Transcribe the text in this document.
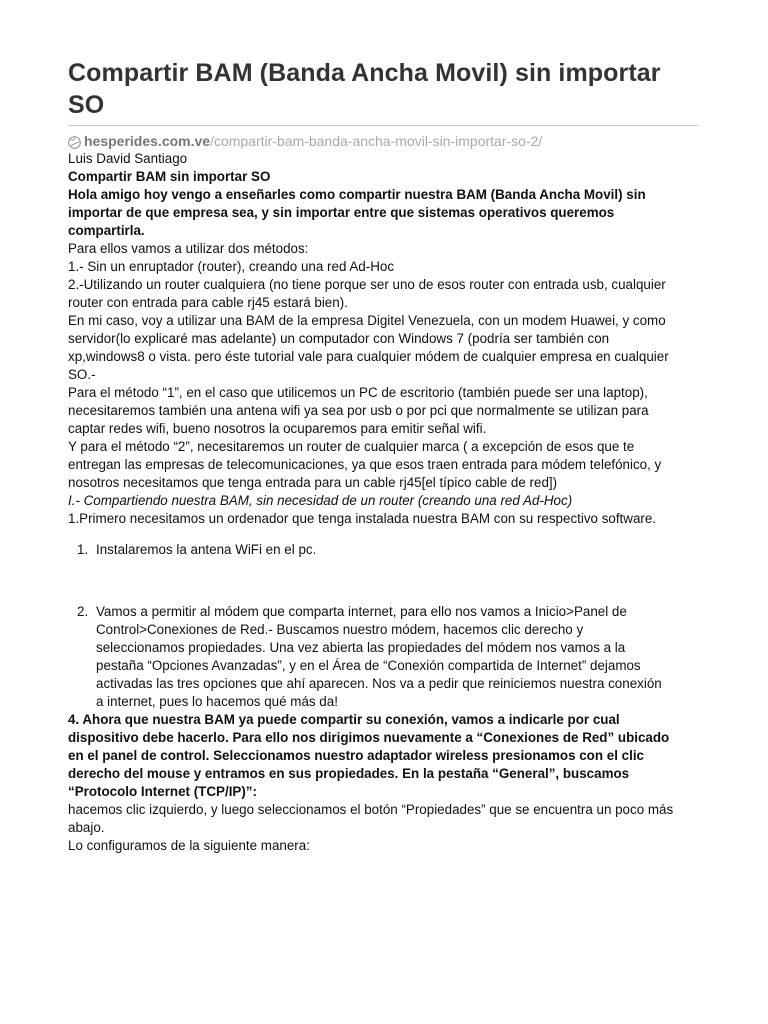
Compartir BAM (Banda Ancha Movil) sin importar SO
hesperides.com.ve /compartir-bam-banda-ancha-movil-sin-importar-so-2/

Luis David Santiago

Compartir BAM sin importar SO

Hola amigo hoy vengo a enseñarles como compartir nuestra BAM (Banda Ancha Movil) sin
importar de que empresa sea, y sin importar entre que sistemas operativos queremos
compartirla.

Para ellos vamos a utilizar dos métodos:
1.- Sin un enruptador (router), creando una red Ad-Hoc
2.-Utilizando un router cualquiera (no tiene porque ser uno de esos router con entrada usb, cualquier
router con entrada para cable rj45 estará bien).

En mi caso, voy a utilizar una BAM de la empresa Digitel Venezuela, con un modem Huawei, y como
servidor(lo explicaré mas adelante) un computador con Windows 7 (podría ser también con
xp,windows8 o vista. pero éste tutorial vale para cualquier módem de cualquier empresa en cualquier
SO.-

Para el método “1”, en el caso que utilicemos un PC de escritorio (también puede ser una laptop),
necesitaremos también una antena wifi ya sea por usb o por pci que normalmente se utilizan para
captar redes wifi, bueno nosotros la ocuparemos para emitir señal wifi.
Y para el método “2”, necesitaremos un router de cualquier marca ( a excepción de esos que te
entregan las empresas de telecomunicaciones, ya que esos traen entrada para módem telefónico, y
nosotros necesitamos que tenga entrada para un cable rj45[el típico cable de red])

I.- Compartiendo nuestra BAM, sin necesidad de un router (creando una red Ad-Hoc)

1.Primero necesitamos un ordenador que tenga instalada nuestra BAM con su respectivo software.

1. Instalaremos la antena WiFi en el pc.
2. Vamos a permitir al módem que comparta internet, para ello nos vamos a Inicio>Panel de
Control>Conexiones de Red.- Buscamos nuestro módem, hacemos clic derecho y
seleccionamos propiedades. Una vez abierta las propiedades del módem nos vamos a la
pestaña “Opciones Avanzadas”, y en el Área de “Conexión compartida de Internet” dejamos
activadas las tres opciones que ahí aparecen. Nos va a pedir que reiniciemos nuestra conexión
a internet, pues lo hacemos qué más da!

4. Ahora que nuestra BAM ya puede compartir su conexión, vamos a indicarle por cual
dispositivo debe hacerlo. Para ello nos dirigimos nuevamente a “Conexiones de Red” ubicado
en el panel de control. Seleccionamos nuestro adaptador wireless presionamos con el clic
derecho del mouse y entramos en sus propiedades. En la pestaña “General”, buscamos
“Protocolo Internet (TCP/IP)”:

hacemos clic izquierdo, y luego seleccionamos el botón “Propiedades” que se encuentra un poco más
abajo.
Lo configuramos de la siguiente manera:
